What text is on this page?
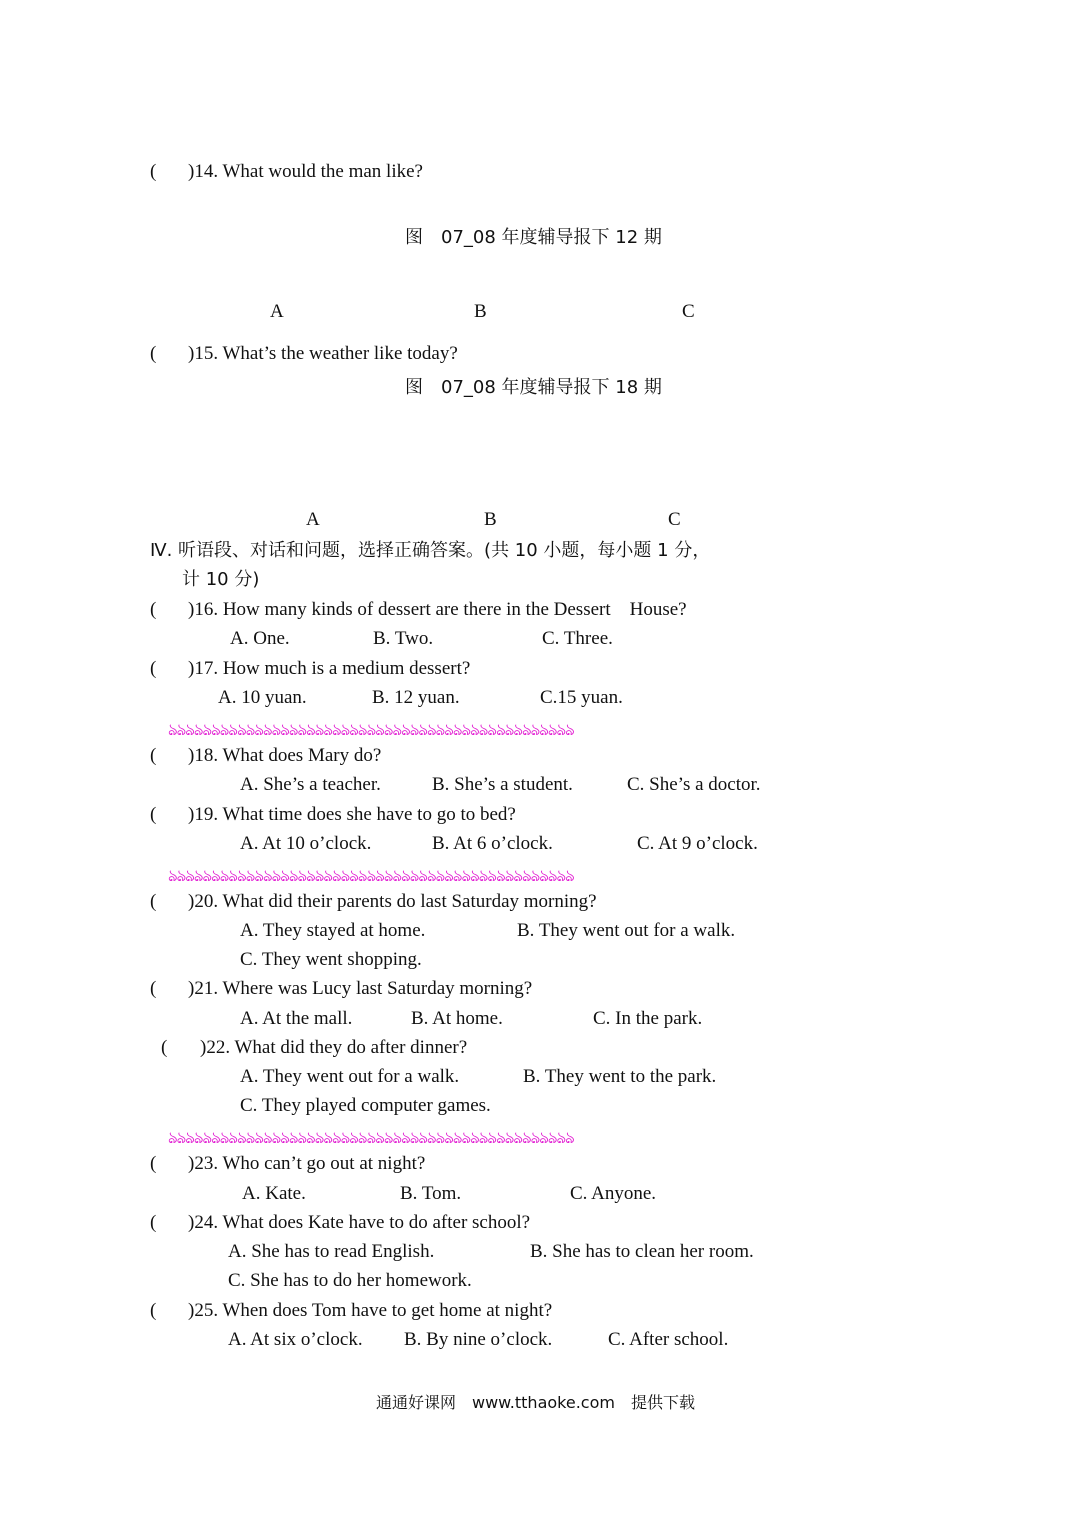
( )14. What would the man like?
图　07_08 年度辅导报下 12 期
A	B	C
( )15. What’s the weather like today?
图　07_08 年度辅导报下 18 期
A	B	C
Ⅳ. 听语段、对话和问题，选择正确答案。(共 10 小题，每小题 1 分，
计 10 分)
( )16. How many kinds of dessert are there in the Dessert　House?
A. One.	B. Two.	C. Three.
( )17. How much is a medium dessert?
A. 10 yuan.	B. 12 yuan.	C.15 yuan.
ঌঌঌঌঌঌঌঌঌঌঌঌঌঌঌঌঌঌঌঌঌঌঌঌঌঌঌঌঌঌঌঌঌঌঌঌঌঌঌঌঌঌঌঌঌঌঌ
( )18. What does Mary do?
A. She’s a teacher.	B. She’s a student.	C. She’s a doctor.
( )19. What time does she have to go to bed?
A. At 10 o’clock.	B. At 6 o’clock.	C. At 9 o’clock.
ঌঌঌঌঌঌঌঌঌঌঌঌঌঌঌঌঌঌঌঌঌঌঌঌঌঌঌঌঌঌঌঌঌঌঌঌঌঌঌঌঌঌঌঌঌঌঌ
( )20. What did their parents do last Saturday morning?
A. They stayed at home.	B. They went out for a walk.
C. They went shopping.
( )21. Where was Lucy last Saturday morning?
A. At the mall.	B. At home.	C. In the park.
( )22. What did they do after dinner?
A. They went out for a walk.	B. They went to the park.
C. They played computer games.
ঌঌঌঌঌঌঌঌঌঌঌঌঌঌঌঌঌঌঌঌঌঌঌঌঌঌঌঌঌঌঌঌঌঌঌঌঌঌঌঌঌঌঌঌঌঌঌ
( )23. Who can’t go out at night?
A. Kate.	B. Tom.	C. Anyone.
( )24. What does Kate have to do after school?
A. She has to read English.	B. She has to clean her room.
C. She has to do her homework.
( )25. When does Tom have to get home at night?
A. At six o’clock. B. By nine o’clock.	C. After school.
通通好课网　www.tthaoke.com　提供下载
